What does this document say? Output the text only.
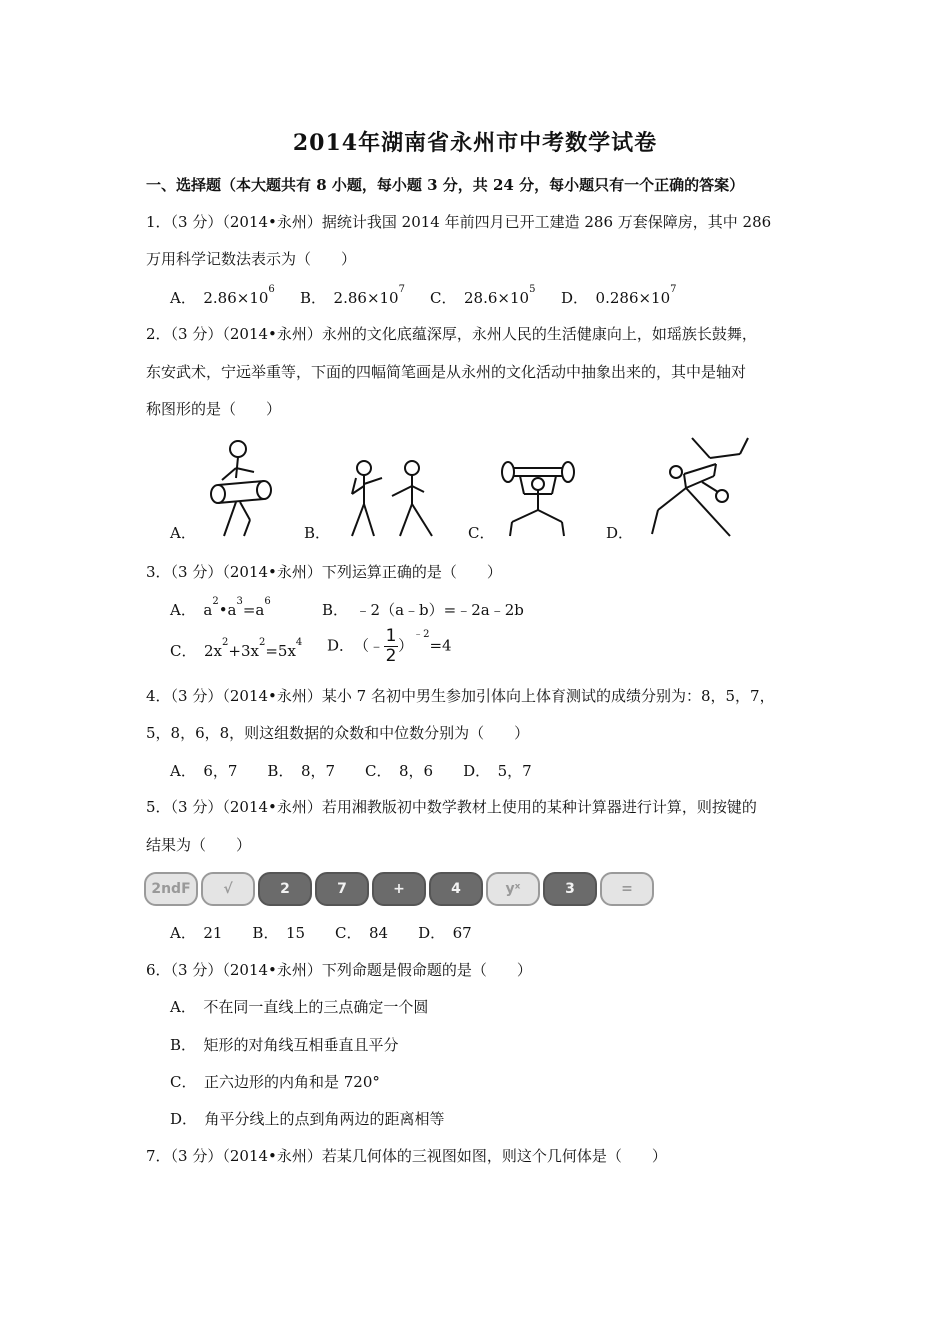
2014年湖南省永州市中考数学试卷
一、选择题（本大题共有 8 小题，每小题 3 分，共 24 分，每小题只有一个正确的答案）
1．（3 分）（2014•永州）据统计我国 2014 年前四月已开工建造 286 万套保障房，其中 286
万用科学记数法表示为（　　）
A．　 $2.86\times 10^6$ B．　 $2.86\times 10^7$ C．　 $28.6\times 10^5$ D．　 $0.286\times 10^7$
2．（3 分）（2014•永州）永州的文化底蕴深厚，永州人民的生活健康向上，如瑶族长鼓舞，
东安武术，宁远举重等，下面的四幅简笔画是从永州的文化活动中抽象出来的，其中是轴对
称图形的是（　　）
A．	B．	C．	D．
3．（3 分）（2014•永州）下列运算正确的是（　　）
A．　 $a^2•a^3=a^6$	B．　 ﹣2（a﹣b）=﹣2a﹣2b
C．　 $2x^2+3x^2=5x^4$ D．　 （﹣ $\frac{1}{2} )^{﹣2}=4$
4．（3 分）（2014•永州）某小 7 名初中男生参加引体向上体育测试的成绩分别为：8，5，7，
5，8，6，8，则这组数据的众数和中位数分别为（　　）
A．　6，7　　B．　8，7　　C．　8，6　　D．　5，7
5．（3 分）（2014•永州）若用湘教版初中数学教材上使用的某种计算器进行计算，则按键的
结果为（　　）
2ndF	√	2	7	+	4	yˣ	3	=
A．　21　　B．　15　　C．　84　　D．　67
6．（3 分）（2014•永州）下列命题是假命题的是（　　）
A．　不在同一直线上的三点确定一个圆
B．　矩形的对角线互相垂直且平分
C．　正六边形的内角和是 720°
D．　角平分线上的点到角两边的距离相等
7．（3 分）（2014•永州）若某几何体的三视图如图，则这个几何体是（　　）
